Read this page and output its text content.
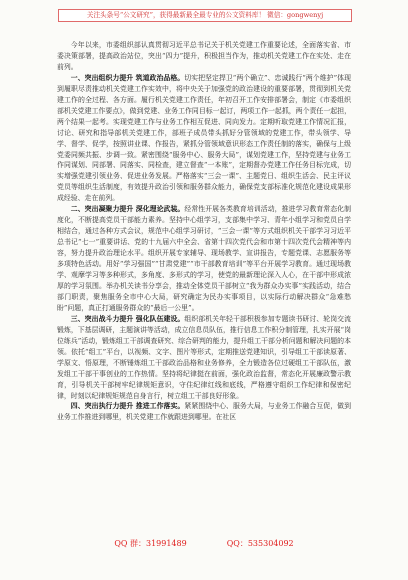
关注头条号“公文研究”，获得最新最全最专业的公文资料库！ 微信：gongwenyj

今年以来，市委组织部认真贯彻习近平总书记关于机关党建工作重要论述，全面落实省、市委决策部署，提高政治站位，突出“四力”提升，积极担当作为，推动机关党建工作在实处、走在前列。

一、突出组织力提升 筑道政治品格。切实把坚定捍卫“两个确立”、忠诚践行“两个维护”体现到履职尽责推动机关党建工作实效中，将中央关于加强党的政治建设的重要部署，贯彻到机关党建工作的全过程、各方面。履行机关党建工作责任，年初召开工作安排部署会，制定《市委组织部机关党建工作要点》，做到党建、业务工作同目标一起订，两项工作一起抓，两个责任一起担，两个结果一起考。实现党建工作与业务工作相互促进、同向发力。定期听取党建工作情况汇报，讨论、研究和指导部机关党建工作，部班子成员带头抓好分管领域的党建工作，带头领学、导学、督学、促学，按照讲业课、作报告，紧抓分管领域意识形态工作责任制的落实，确保与上级党委同频共振、步调一致。紧密围绕“服务中心、服务大局”，谋划党建工作，坚持党建与业务工作同谋划、同部署、同落实、同检查，建立督查“一本账”，定期督办党建工作任务目标完成，切实增强党建引领业务、促进业务发展。严格落实“三会一课”、主题党日、组织生活会、民主评议党员等组织生活制度，有效提升政治引领和服务群众能力，确保党支部标准化规范化建设成果形成经验、走在前列。

二、突出凝聚力提升 深化理论武装。经常性开展各类教育培训活动，推进学习教育常态化制度化，不断提高党员干部能力素养。坚持中心组学习，支部集中学习、青年小组学习和党员自学相结合，通过各种方式会议，规范中心组学习研讨，“三会一课”等方式组织机关干部学习习近平总书记“七一”重要讲话、党的十九届六中全会、省第十四次党代会和市第十四次党代会精神等内容，努力提升政治理论水平。组织开展专家辅导、现场教学、宣讲报告，专题党课、志愿服务等多项特色活动。用好“学习强国”“甘肃党建”“市干部教育培训”等平台开展学习教育。通过现场教学、观摩学习等多种形式，多角度、多形式的学习，使党的最新理论深入人心，在干部中形成浓厚的学习氛围。举办机关读书分享会，推动全体党员干部树立“我为群众办实事”实践活动，结合部门职责，聚焦服务全市中心大局，研究确定为民办实事项目，以实际行动解决群众“急难愁盼”问题，真正打通服务群众的“最后一公里”。

三、突出战斗力提升 强化队伍建设。组织部机关年轻干部积极参加专题读书研讨、轮岗交流锻炼，下基层调研，主题演讲等活动，成立信息员队伍，推行信息工作积分制管理，扎实开展“岗位练兵”活动，锻炼组工干部调查研究、综合研判的能力，提升组工干部分析问题和解决问题的本领。依托“组工”平台，以视频、文字、图片等形式，定期推送党建知识，引导组工干部读原著、学原文、悟原理，不断锤炼组工干部政治品格和业务修养，全力锻造各位过硬组工干部队伍，激发组工干部干事创业的工作热情。坚持将纪律挺在前面，强化政治监督，常态化开展廉政警示教育，引导机关干部树牢纪律规矩意识，守住纪律红线和底线，严格遵守组织工作纪律和保密纪律，时刻以纪律规矩规范自身言行，树立组工干部良好形象。

四、突出执行力提升 推进工作落实。紧紧围绕中心、服务大局，与业务工作融合互促，做到业务工作推进到哪里，机关党建工作就跟进到哪里。在社区

QQ 群：31991489	QQ：535304092
